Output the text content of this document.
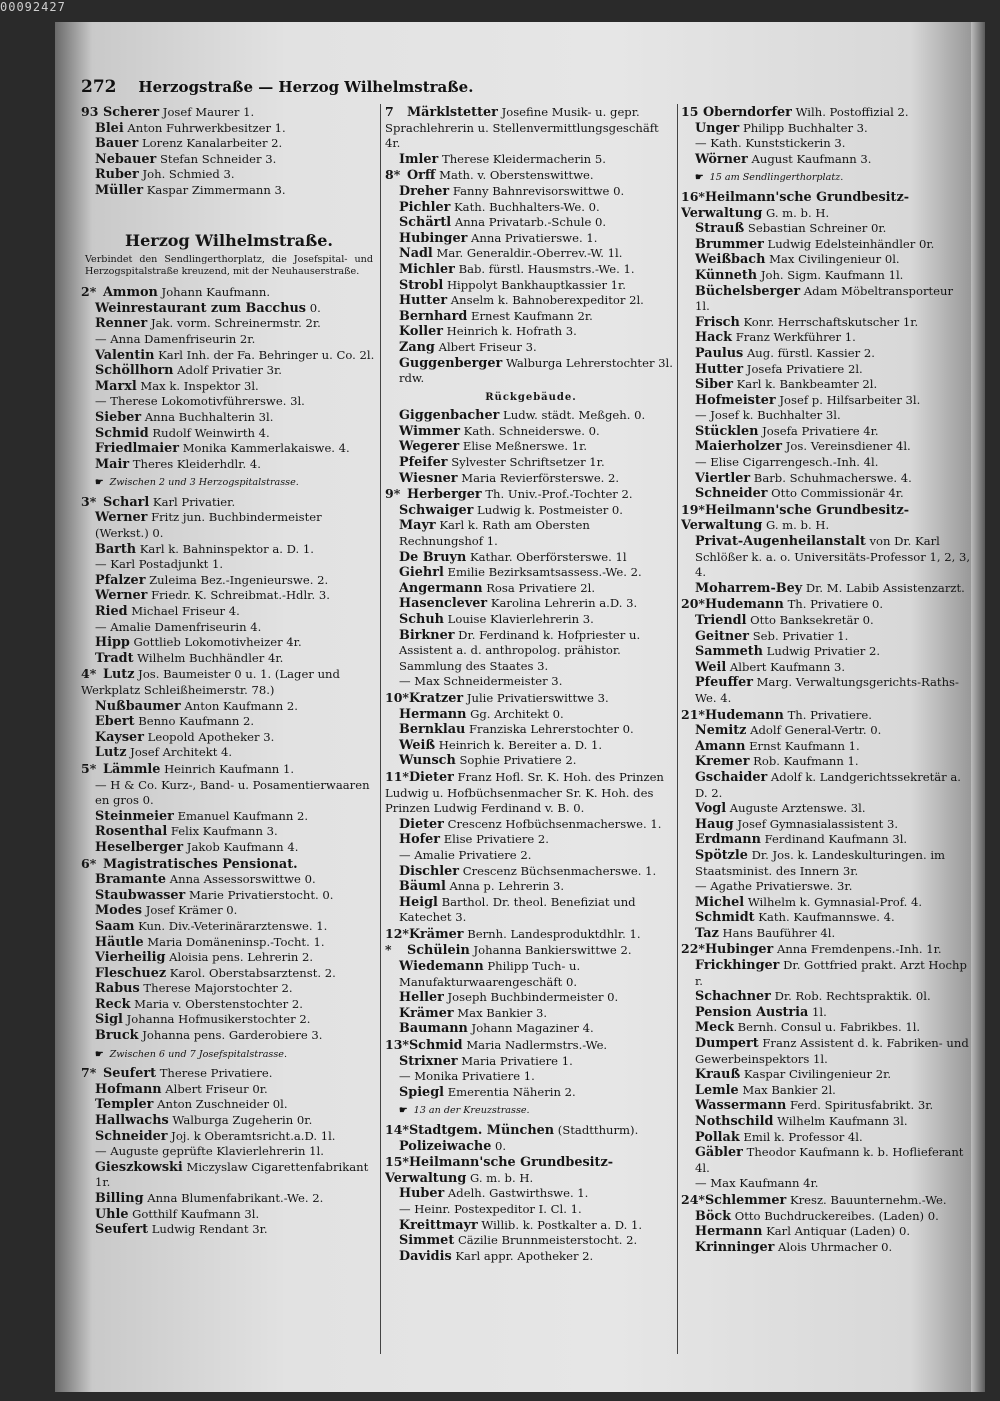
00092427
272 Herzogstraße — Herzog Wilhelmstraße.
93 Scherer Josef Maurer 1.
Blei Anton Fuhrwerkbesitzer 1.
Bauer Lorenz Kanalarbeiter 2.
Nebauer Stefan Schneider 3.
Ruber Joh. Schmied 3.
Müller Kaspar Zimmermann 3.
Herzog Wilhelmstraße.
Verbindet den Sendlingerthorplatz, die Josefspital- und Herzogspitalstraße kreuzend, mit der Neuhauserstraße.
2* Ammon Johann Kaufmann.
Weinrestaurant zum Bacchus 0.
Renner Jak. vorm. Schreinermstr. 2r.
— Anna Damenfriseurin 2r.
Valentin Karl Inh. der Fa. Behringer u. Co. 2l.
Schöllhorn Adolf Privatier 3r.
Marxl Max k. Inspektor 3l.
— Therese Lokomotivführerswe. 3l.
Sieber Anna Buchhalterin 3l.
Schmid Rudolf Weinwirth 4.
Friedlmaier Monika Kammerlakaiswe. 4.
Mair Theres Kleiderhdlr. 4.
☛ Zwischen 2 und 3 Herzogspitalstrasse.
3* Scharl Karl Privatier.
Werner Fritz jun. Buchbindermeister (Werkst.) 0.
Barth Karl k. Bahninspektor a. D. 1.
— Karl Postadjunkt 1.
Pfalzer Zuleima Bez.-Ingenieurswe. 2.
Werner Friedr. K. Schreibmat.-Hdlr. 3.
Ried Michael Friseur 4.
— Amalie Damenfriseurin 4.
Hipp Gottlieb Lokomotivheizer 4r.
Tradt Wilhelm Buchhändler 4r.
4* Lutz Jos. Baumeister 0 u. 1. (Lager und Werkplatz Schleißheimerstr. 78.)
Nußbaumer Anton Kaufmann 2.
Ebert Benno Kaufmann 2.
Kayser Leopold Apotheker 3.
Lutz Josef Architekt 4.
5* Lämmle Heinrich Kaufmann 1.
— H & Co. Kurz-, Band- u. Posamentierwaaren en gros 0.
Steinmeier Emanuel Kaufmann 2.
Rosenthal Felix Kaufmann 3.
Heselberger Jakob Kaufmann 4.
6* Magistratisches Pensionat.
Bramante Anna Assessorswittwe 0.
Staubwasser Marie Privatierstocht. 0.
Modes Josef Krämer 0.
Saam Kun. Div.-Veterinärarztenswe. 1.
Häutle Maria Domäneninsp.-Tocht. 1.
Vierheilig Aloisia pens. Lehrerin 2.
Fleschuez Karol. Oberstabsarztenst. 2.
Rabus Therese Majorstochter 2.
Reck Maria v. Oberstenstochter 2.
Sigl Johanna Hofmusikerstochter 2.
Bruck Johanna pens. Garderobiere 3.
☛ Zwischen 6 und 7 Josefspitalstrasse.
7* Seufert Therese Privatiere.
Hofmann Albert Friseur 0r.
Templer Anton Zuschneider 0l.
Hallwachs Walburga Zugeherin 0r.
Schneider Joj. k Oberamtsricht.a.D. 1l.
— Auguste geprüfte Klavierlehrerin 1l.
Gieszkowski Miczyslaw Cigarettenfabrikant 1r.
Billing Anna Blumenfabrikant.-We. 2.
Uhle Gotthilf Kaufmann 3l.
Seufert Ludwig Rendant 3r.
7 Märklstetter Josefine Musik- u. gepr. Sprachlehrerin u. Stellenvermittlungsgeschäft 4r.
Imler Therese Kleidermacherin 5.
8* Orff Math. v. Oberstenswittwe.
Dreher Fanny Bahnrevisorswittwe 0.
Pichler Kath. Buchhalters-We. 0.
Schärtl Anna Privatarb.-Schule 0.
Hubinger Anna Privatierswe. 1.
Nadl Mar. Generaldir.-Oberrev.-W. 1l.
Michler Bab. fürstl. Hausmstrs.-We. 1.
Strobl Hippolyt Bankhauptkassier 1r.
Hutter Anselm k. Bahnoberexpeditor 2l.
Bernhard Ernest Kaufmann 2r.
Koller Heinrich k. Hofrath 3.
Zang Albert Friseur 3.
Guggenberger Walburga Lehrerstochter 3l. rdw.
Rückgebäude.
Giggenbacher Ludw. städt. Meßgeh. 0.
Wimmer Kath. Schneiderswe. 0.
Wegerer Elise Meßnerswe. 1r.
Pfeifer Sylvester Schriftsetzer 1r.
Wiesner Maria Revierförsterswe. 2.
9* Herberger Th. Univ.-Prof.-Tochter 2.
Schwaiger Ludwig k. Postmeister 0.
Mayr Karl k. Rath am Obersten Rechnungshof 1.
De Bruyn Kathar. Oberförsterswe. 1l
Giehrl Emilie Bezirksamtsassess.-We. 2.
Angermann Rosa Privatiere 2l.
Hasenclever Karolina Lehrerin a.D. 3.
Schuh Louise Klavierlehrerin 3.
Birkner Dr. Ferdinand k. Hofpriester u. Assistent a. d. anthropolog. prähistor. Sammlung des Staates 3.
— Max Schneidermeister 3.
10*Kratzer Julie Privatierswittwe 3.
Hermann Gg. Architekt 0.
Bernklau Franziska Lehrerstochter 0.
Weiß Heinrich k. Bereiter a. D. 1.
Wunsch Sophie Privatiere 2.
11*Dieter Franz Hofl. Sr. K. Hoh. des Prinzen Ludwig u. Hofbüchsenmacher Sr. K. Hoh. des Prinzen Ludwig Ferdinand v. B. 0.
Dieter Crescenz Hofbüchsenmacherswe. 1.
Hofer Elise Privatiere 2.
— Amalie Privatiere 2.
Dischler Crescenz Büchsenmacherswe. 1.
Bäuml Anna p. Lehrerin 3.
Heigl Barthol. Dr. theol. Benefiziat und Katechet 3.
12*Krämer Bernh. Landesproduktdhlr. 1.
* Schülein Johanna Bankierswittwe 2.
Wiedemann Philipp Tuch- u. Manufakturwaarengeschäft 0.
Heller Joseph Buchbindermeister 0.
Krämer Max Bankier 3.
Baumann Johann Magaziner 4.
13*Schmid Maria Nadlermstrs.-We.
Strixner Maria Privatiere 1.
— Monika Privatiere 1.
Spiegl Emerentia Näherin 2.
☛ 13 an der Kreuzstrasse.
14*Stadtgem. München (Stadtthurm).
Polizeiwache 0.
15*Heilmann'sche Grundbesitz-Verwaltung G. m. b. H.
Huber Adelh. Gastwirthswe. 1.
— Heinr. Postexpeditor I. Cl. 1.
Kreittmayr Willib. k. Postkalter a. D. 1.
Simmet Cäzilie Brunnmeisterstocht. 2.
Davidis Karl appr. Apotheker 2.
15 Oberndorfer Wilh. Postoffizial 2.
Unger Philipp Buchhalter 3.
— Kath. Kunststickerin 3.
Wörner August Kaufmann 3.
☛ 15 am Sendlingerthorplatz.
16*Heilmann'sche Grundbesitz-Verwaltung G. m. b. H.
Strauß Sebastian Schreiner 0r.
Brummer Ludwig Edelsteinhändler 0r.
Weißbach Max Civilingenieur 0l.
Künneth Joh. Sigm. Kaufmann 1l.
Büchelsberger Adam Möbeltransporteur 1l.
Frisch Konr. Herrschaftskutscher 1r.
Hack Franz Werkführer 1.
Paulus Aug. fürstl. Kassier 2.
Hutter Josefa Privatiere 2l.
Siber Karl k. Bankbeamter 2l.
Hofmeister Josef p. Hilfsarbeiter 3l.
— Josef k. Buchhalter 3l.
Stücklen Josefa Privatiere 4r.
Maierholzer Jos. Vereinsdiener 4l.
— Elise Cigarrengesch.-Inh. 4l.
Viertler Barb. Schuhmacherswe. 4.
Schneider Otto Commissionär 4r.
19*Heilmann'sche Grundbesitz-Verwaltung G. m. b. H.
Privat-Augenheilanstalt von Dr. Karl Schlößer k. a. o. Universitäts-Professor 1, 2, 3, 4.
Moharrem-Bey Dr. M. Labib Assistenzarzt.
20*Hudemann Th. Privatiere 0.
Triendl Otto Banksekretär 0.
Geitner Seb. Privatier 1.
Sammeth Ludwig Privatier 2.
Weil Albert Kaufmann 3.
Pfeuffer Marg. Verwaltungsgerichts-Raths-We. 4.
21*Hudemann Th. Privatiere.
Nemitz Adolf General-Vertr. 0.
Amann Ernst Kaufmann 1.
Kremer Rob. Kaufmann 1.
Gschaider Adolf k. Landgerichtssekretär a. D. 2.
Vogl Auguste Arztenswe. 3l.
Haug Josef Gymnasialassistent 3.
Erdmann Ferdinand Kaufmann 3l.
Spötzle Dr. Jos. k. Landeskulturingen. im Staatsminist. des Innern 3r.
— Agathe Privatierswe. 3r.
Michel Wilhelm k. Gymnasial-Prof. 4.
Schmidt Kath. Kaufmannswe. 4.
Taz Hans Bauführer 4l.
22*Hubinger Anna Fremdenpens.-Inh. 1r.
Frickhinger Dr. Gottfried prakt. Arzt Hochp r.
Schachner Dr. Rob. Rechtspraktik. 0l.
Pension Austria 1l.
Meck Bernh. Consul u. Fabrikbes. 1l.
Dumpert Franz Assistent d. k. Fabriken- und Gewerbeinspektors 1l.
Krauß Kaspar Civilingenieur 2r.
Lemle Max Bankier 2l.
Wassermann Ferd. Spiritusfabrikt. 3r.
Nothschild Wilhelm Kaufmann 3l.
Pollak Emil k. Professor 4l.
Gäbler Theodor Kaufmann k. b. Hoflieferant 4l.
— Max Kaufmann 4r.
24*Schlemmer Kresz. Bauunternehm.-We.
Böck Otto Buchdruckereibes. (Laden) 0.
Hermann Karl Antiquar (Laden) 0.
Krinninger Alois Uhrmacher 0.
